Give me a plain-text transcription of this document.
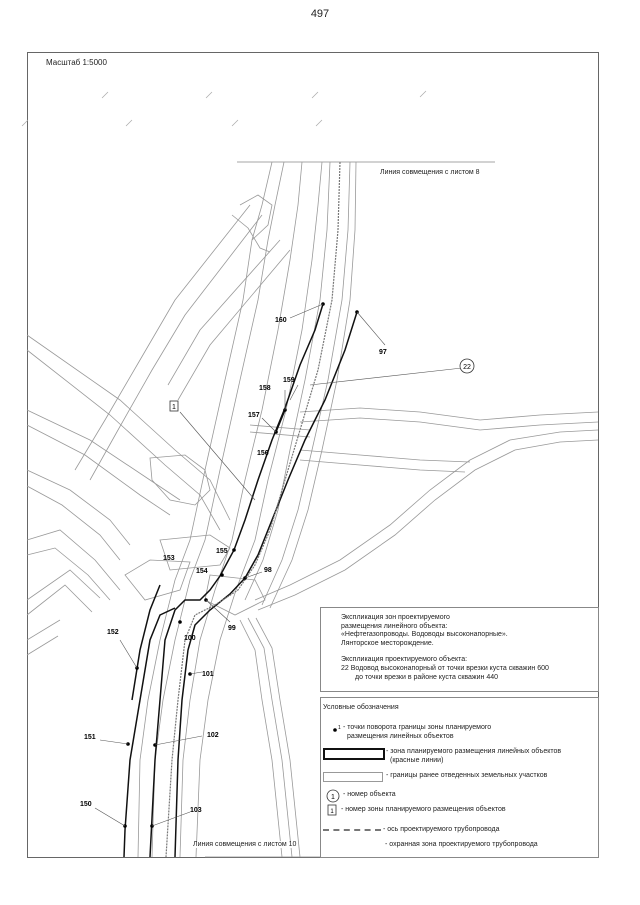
497
Масштаб 1:5000
22
1
97
98
99
100
101
102
103
150
151
152
153
154
155
156
157
158
159
160
Линия совмещения с листом 8
Линия совмещения с листом 10

Экспликация зон проектируемого

размещения линейного объекта:

«Нефтегазопроводы. Водоводы высоконапорные».

Лянторское месторождение.

Экспликация проектируемого объекта:

22 Водовод высоконапорный от точки врезки куста скважин 600

до точки врезки в районе куста скважин 440

Условные обозначения
1 - точки поворота границы зоны планируемого
размещения линейных объектов
- зона планируемого размещения линейных объектов
(красные линии)
- границы ранее отведенных земельных участков
1 - номер объекта
1 - номер зоны планируемого размещения объектов
- ось проектируемого трубопровода
- охранная зона проектируемого трубопровода
